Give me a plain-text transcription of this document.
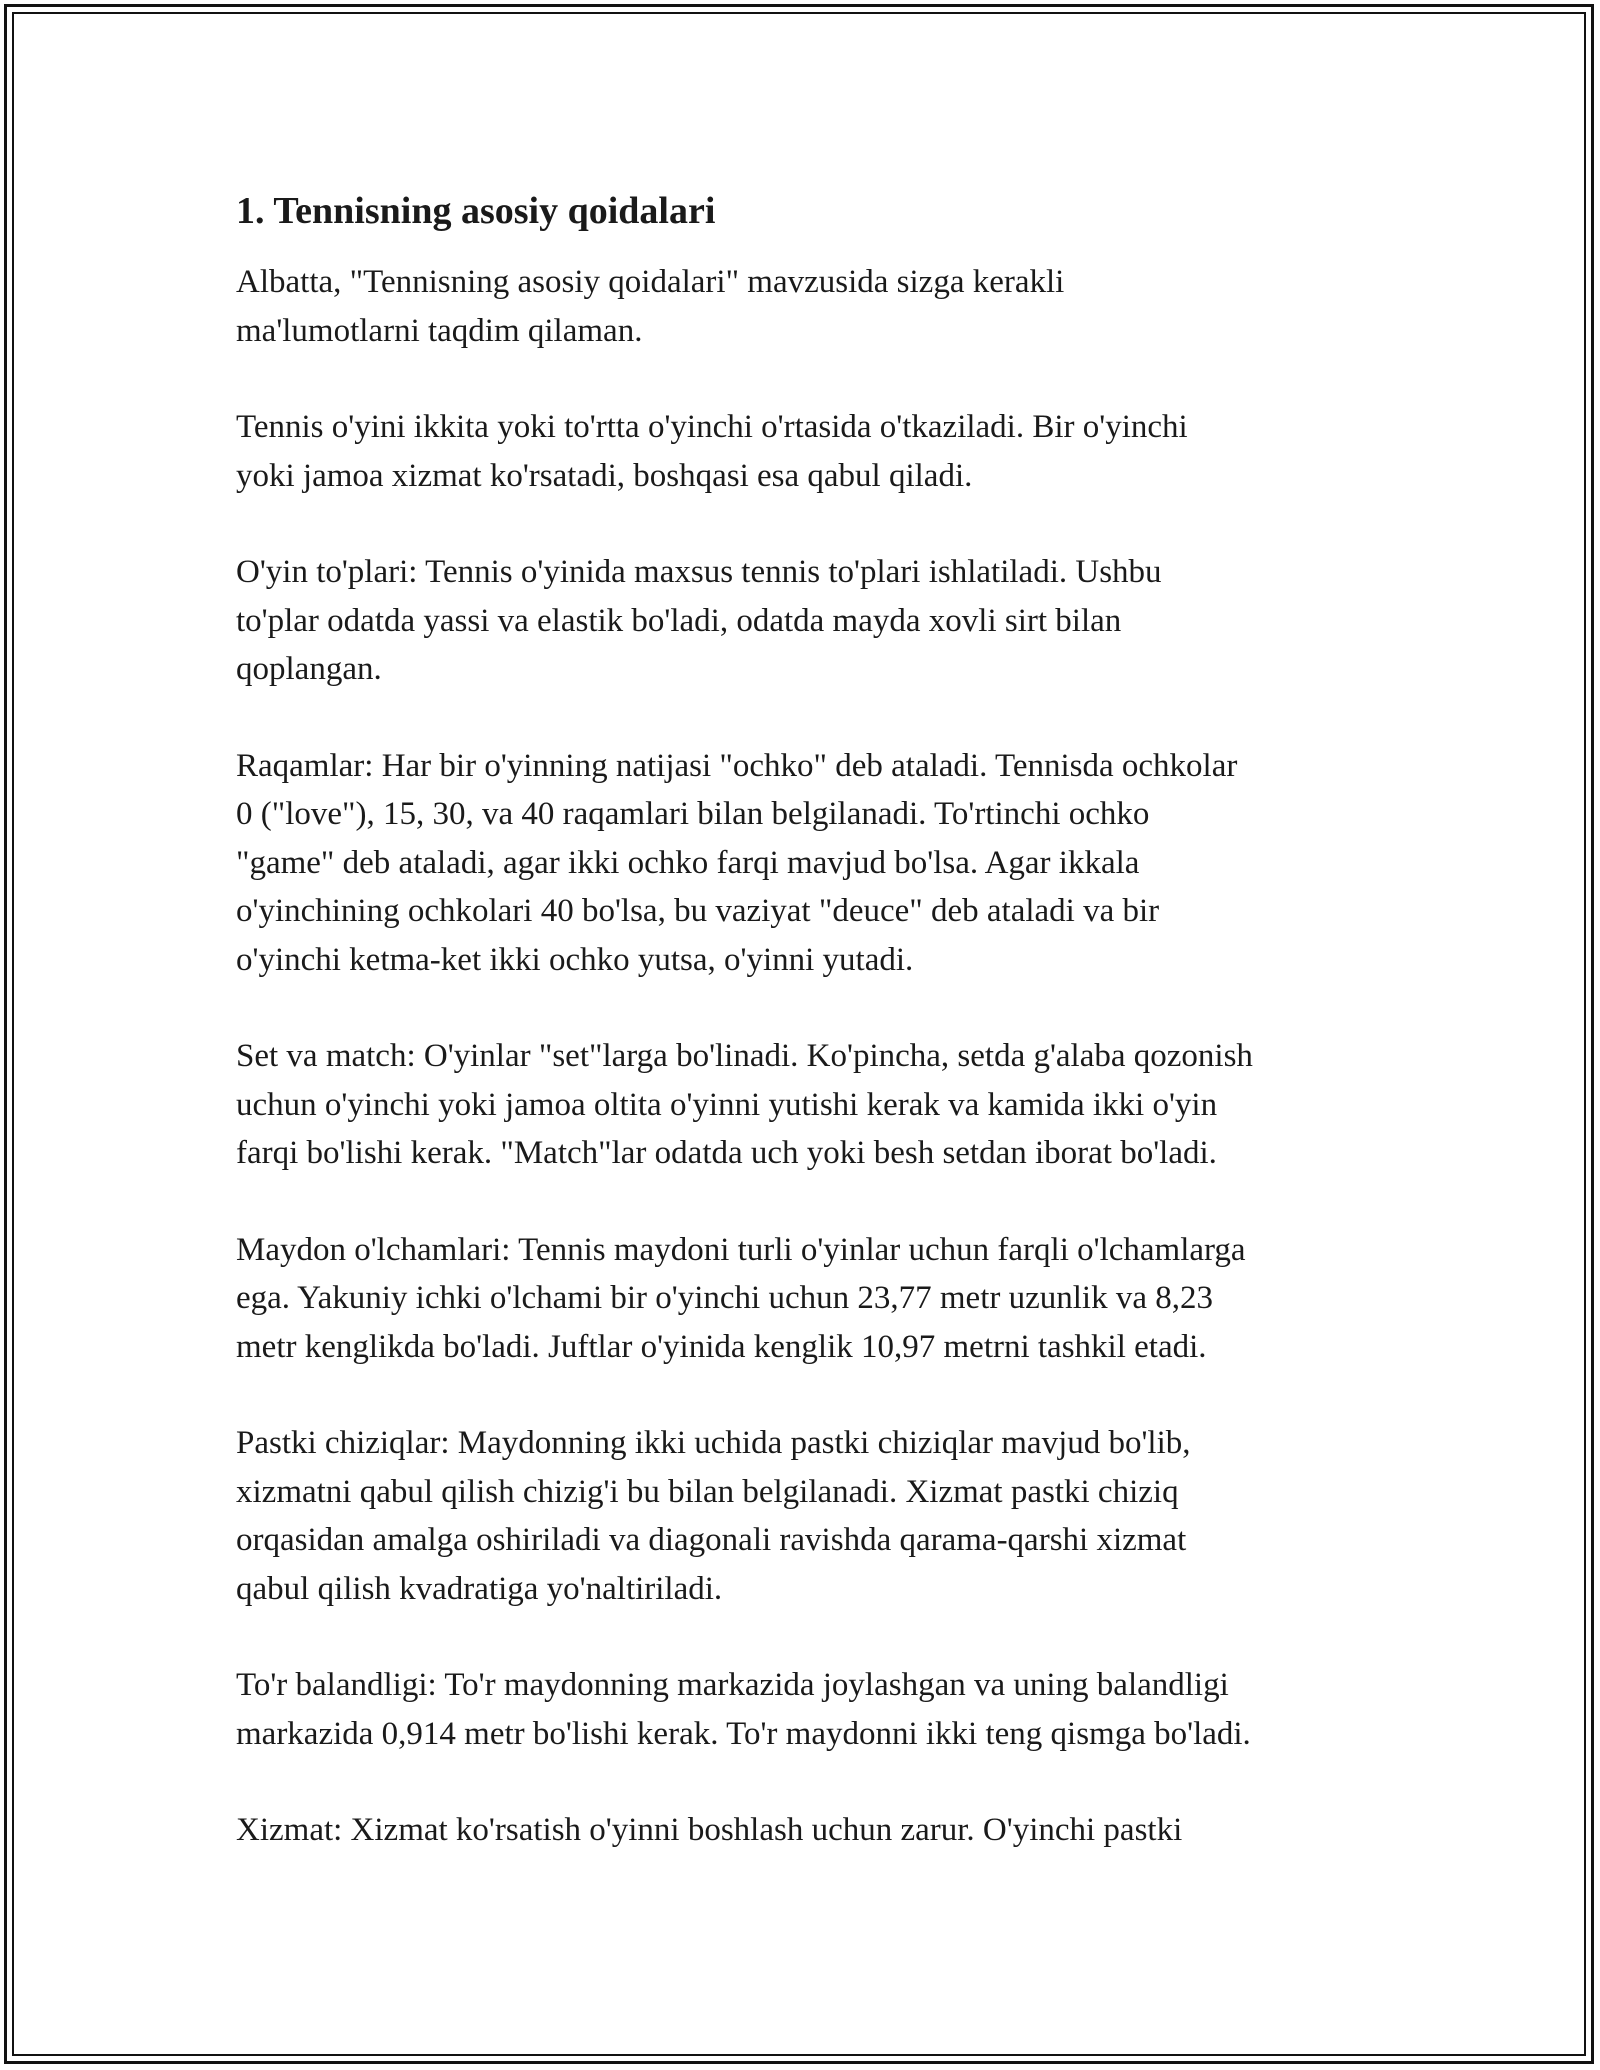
1. Tennisning asosiy qoidalari

Albatta, "Tennisning asosiy qoidalari" mavzusida sizga kerakli
ma'lumotlarni taqdim qilaman.

Tennis o'yini ikkita yoki to'rtta o'yinchi o'rtasida o'tkaziladi. Bir o'yinchi
yoki jamoa xizmat ko'rsatadi, boshqasi esa qabul qiladi.

O'yin to'plari: Tennis o'yinida maxsus tennis to'plari ishlatiladi. Ushbu
to'plar odatda yassi va elastik bo'ladi, odatda mayda xovli sirt bilan
qoplangan.

Raqamlar: Har bir o'yinning natijasi "ochko" deb ataladi. Tennisda ochkolar
0 ("love"), 15, 30, va 40 raqamlari bilan belgilanadi. To'rtinchi ochko
"game" deb ataladi, agar ikki ochko farqi mavjud bo'lsa. Agar ikkala
o'yinchining ochkolari 40 bo'lsa, bu vaziyat "deuce" deb ataladi va bir
o'yinchi ketma-ket ikki ochko yutsa, o'yinni yutadi.

Set va match: O'yinlar "set"larga bo'linadi. Ko'pincha, setda g'alaba qozonish
uchun o'yinchi yoki jamoa oltita o'yinni yutishi kerak va kamida ikki o'yin
farqi bo'lishi kerak. "Match"lar odatda uch yoki besh setdan iborat bo'ladi.

Maydon o'lchamlari: Tennis maydoni turli o'yinlar uchun farqli o'lchamlarga
ega. Yakuniy ichki o'lchami bir o'yinchi uchun 23,77 metr uzunlik va 8,23
metr kenglikda bo'ladi. Juftlar o'yinida kenglik 10,97 metrni tashkil etadi.

Pastki chiziqlar: Maydonning ikki uchida pastki chiziqlar mavjud bo'lib,
xizmatni qabul qilish chizig'i bu bilan belgilanadi. Xizmat pastki chiziq
orqasidan amalga oshiriladi va diagonali ravishda qarama-qarshi xizmat
qabul qilish kvadratiga yo'naltiriladi.

To'r balandligi: To'r maydonning markazida joylashgan va uning balandligi
markazida 0,914 metr bo'lishi kerak. To'r maydonni ikki teng qismga bo'ladi.

Xizmat: Xizmat ko'rsatish o'yinni boshlash uchun zarur. O'yinchi pastki
